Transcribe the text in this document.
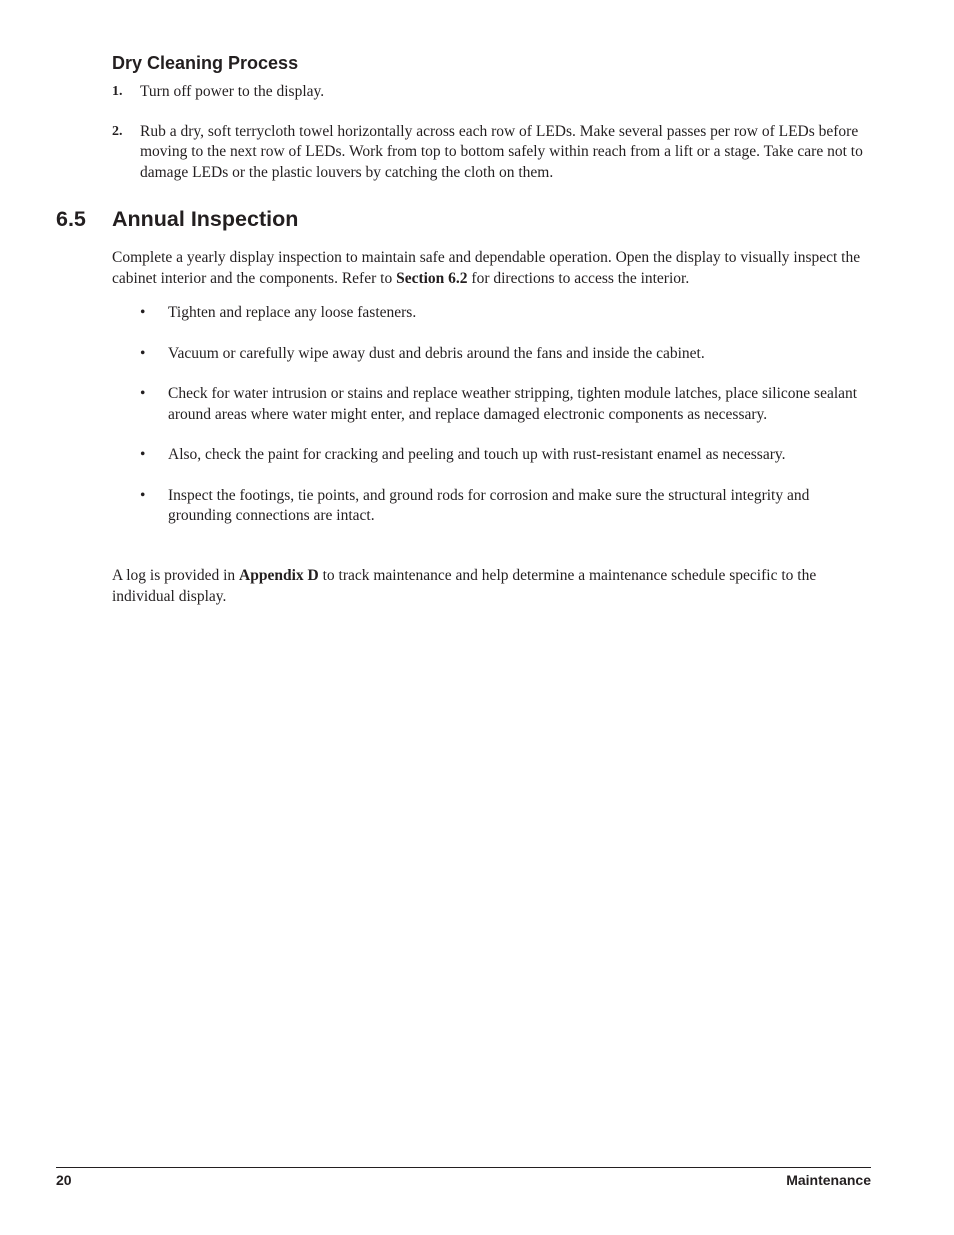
Dry Cleaning Process
1. Turn off power to the display.
2. Rub a dry, soft terrycloth towel horizontally across each row of LEDs. Make several passes per row of LEDs before moving to the next row of LEDs. Work from top to bottom safely within reach from a lift or a stage. Take care not to damage LEDs or the plastic louvers by catching the cloth on them.
6.5 Annual Inspection

Complete a yearly display inspection to maintain safe and dependable operation. Open the display to visually inspect the cabinet interior and the components. Refer to Section 6.2 for directions to access the interior.

• Tighten and replace any loose fasteners.
• Vacuum or carefully wipe away dust and debris around the fans and inside the cabinet.
• Check for water intrusion or stains and replace weather stripping, tighten module latches, place silicone sealant around areas where water might enter, and replace damaged electronic components as necessary.
• Also, check the paint for cracking and peeling and touch up with rust-resistant enamel as necessary.
• Inspect the footings, tie points, and ground rods for corrosion and make sure the structural integrity and grounding connections are intact.

A log is provided in Appendix D to track maintenance and help determine a maintenance schedule specific to the individual display.

20	Maintenance
